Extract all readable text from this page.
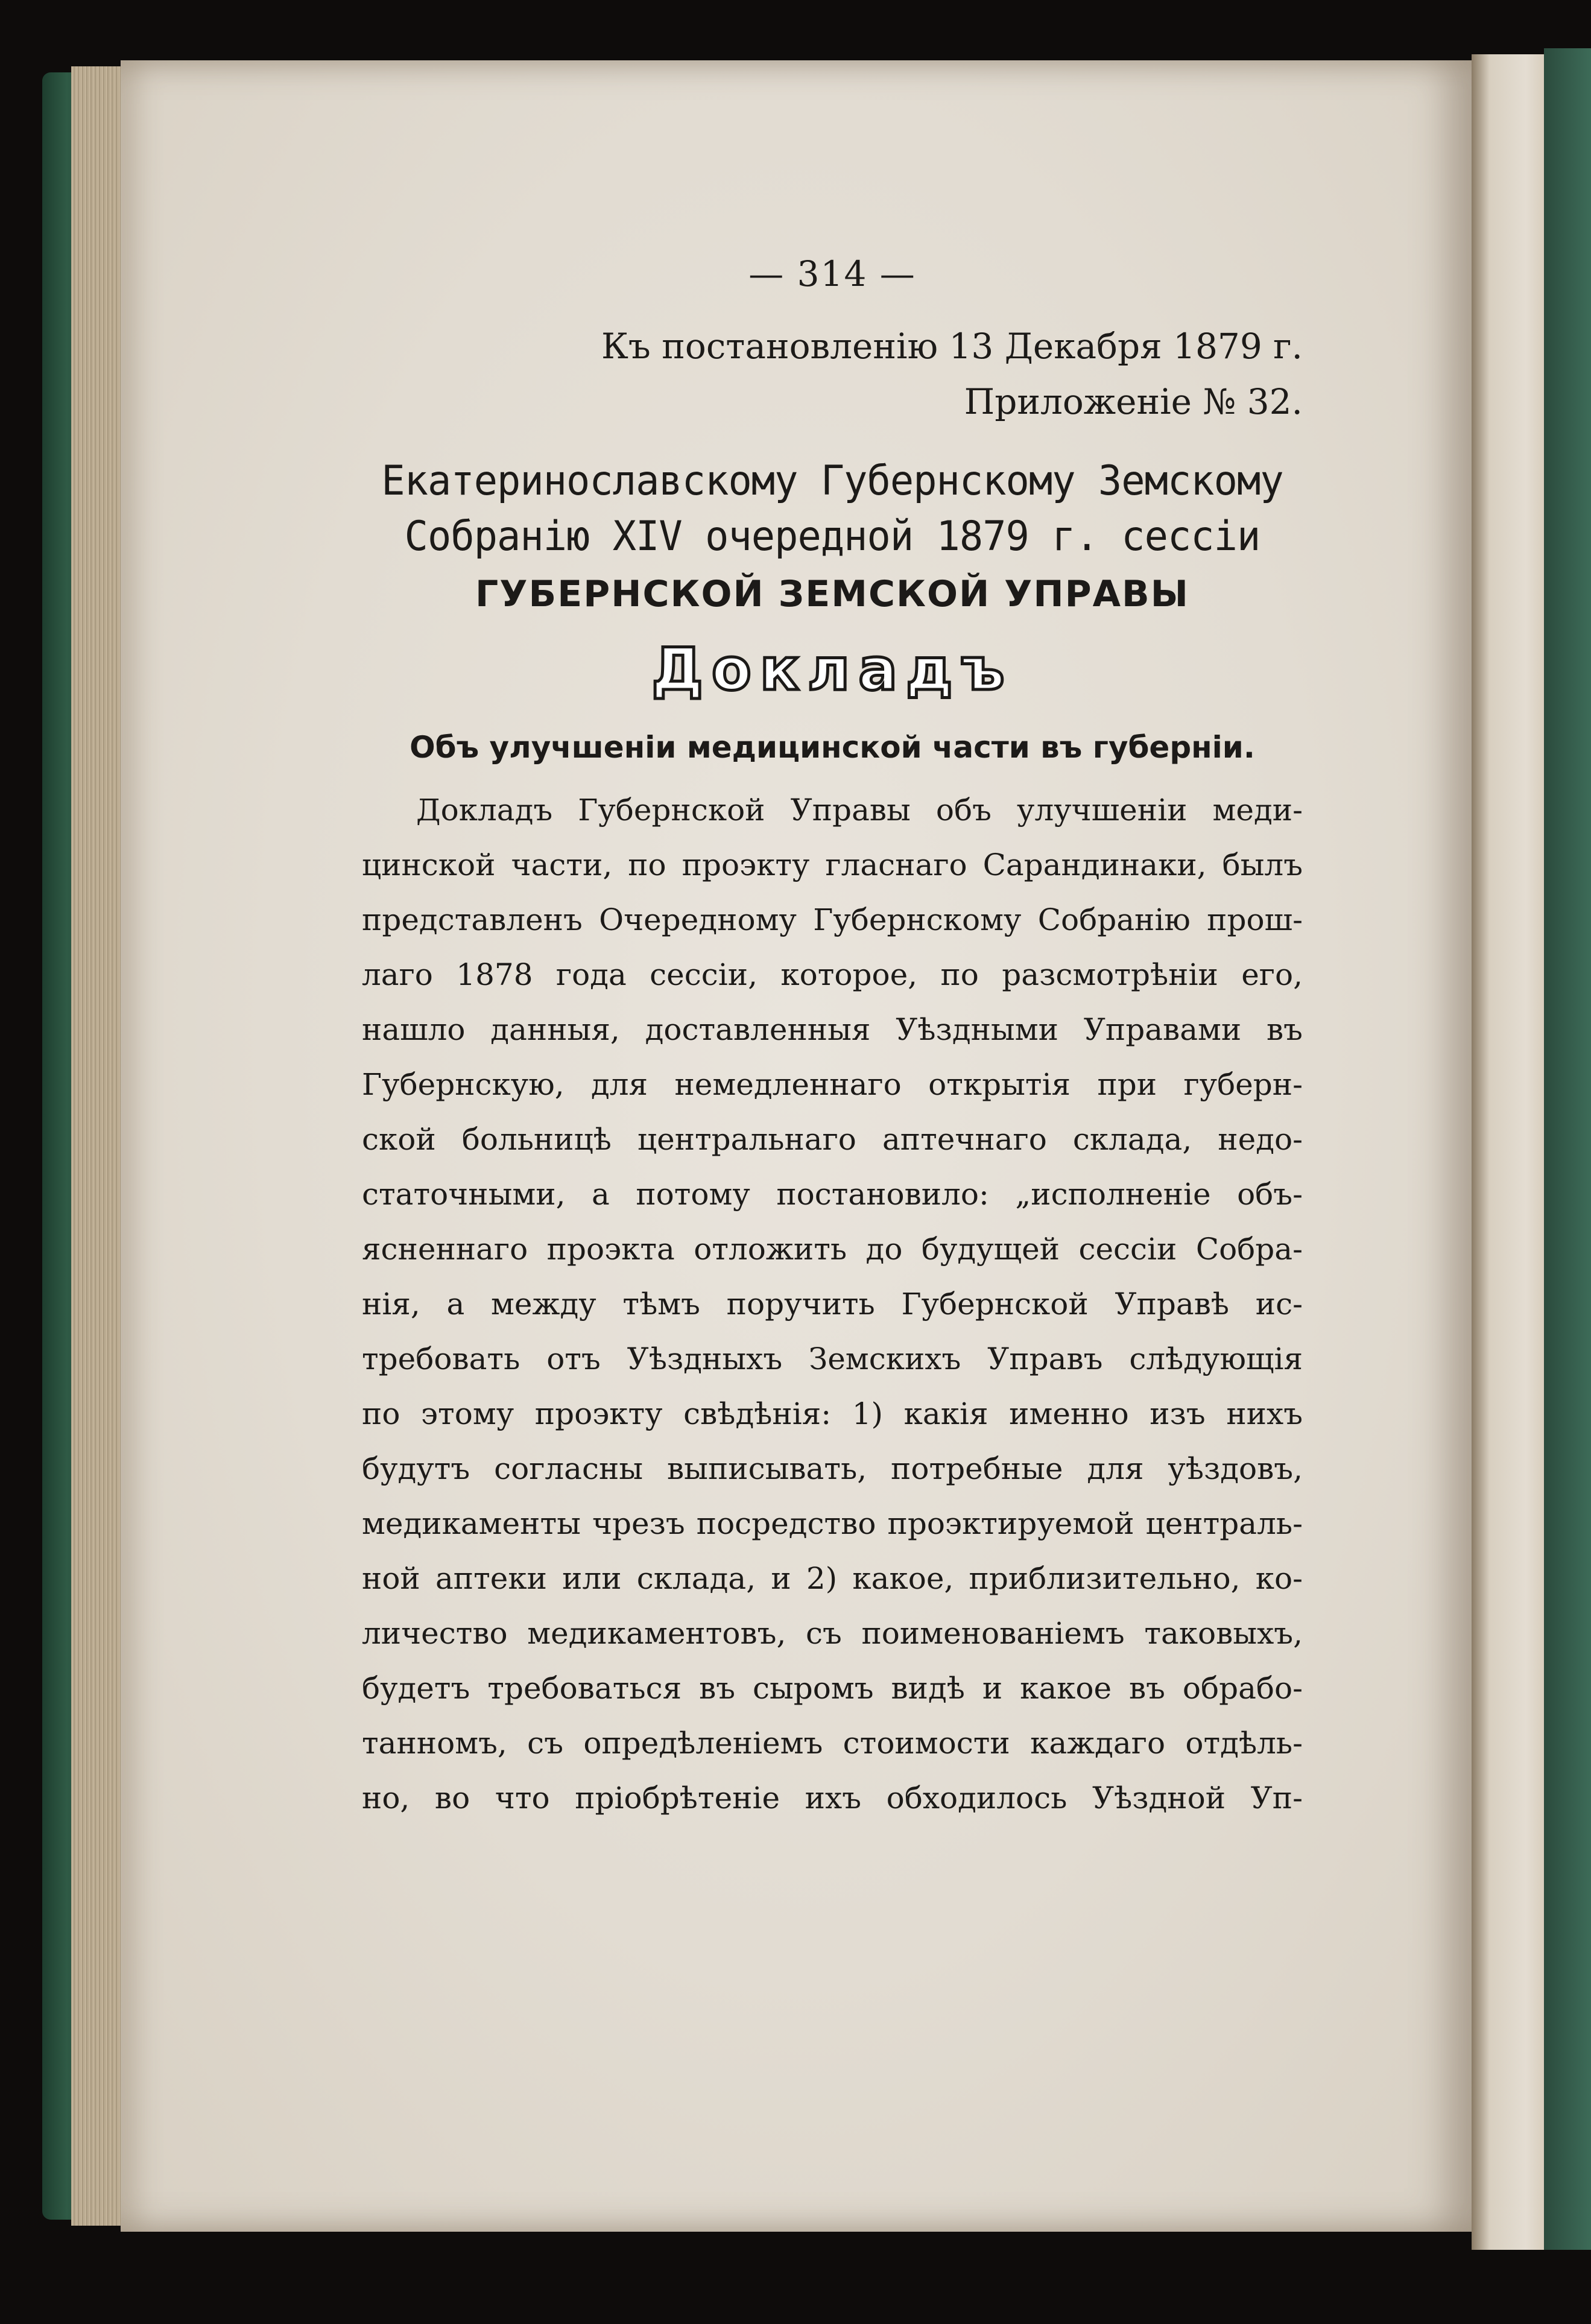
— 314 —
Къ постановленію 13 Декабря 1879 г.
Приложеніе № 32.
Екатеринославскому Губернскому Земскому
Собранію XIV очередной 1879 г. сессіи
ГУБЕРНСКОЙ ЗЕМСКОЙ УПРАВЫ
Докладъ
Объ улучшеніи медицинской части въ губерніи.
Докладъ Губернской Управы объ улучшеніи меди-
цинской части, по проэкту гласнаго Сарандинаки, былъ
представленъ Очередному Губернскому Собранію прош-
лаго 1878 года сессіи, которое, по разсмотрѣніи его,
нашло данныя, доставленныя Уѣздными Управами въ
Губернскую, для немедленнаго открытія при губерн-
ской больницѣ центральнаго аптечнаго склада, недо-
статочными, а потому постановило: „исполненіе объ-
ясненнаго проэкта отложить до будущей сессіи Собра-
нія, а между тѣмъ поручить Губернской Управѣ ис-
требовать отъ Уѣздныхъ Земскихъ Управъ слѣдующія
по этому проэкту свѣдѣнія: 1) какія именно изъ нихъ
будутъ согласны выписывать, потребные для уѣздовъ,
медикаменты чрезъ посредство проэктируемой централь-
ной аптеки или склада, и 2) какое, приблизительно, ко-
личество медикаментовъ, съ поименованіемъ таковыхъ,
будетъ требоваться въ сыромъ видѣ и какое въ обрабо-
танномъ, съ опредѣленіемъ стоимости каждаго отдѣль-
но, во что пріобрѣтеніе ихъ обходилось Уѣздной Уп-
